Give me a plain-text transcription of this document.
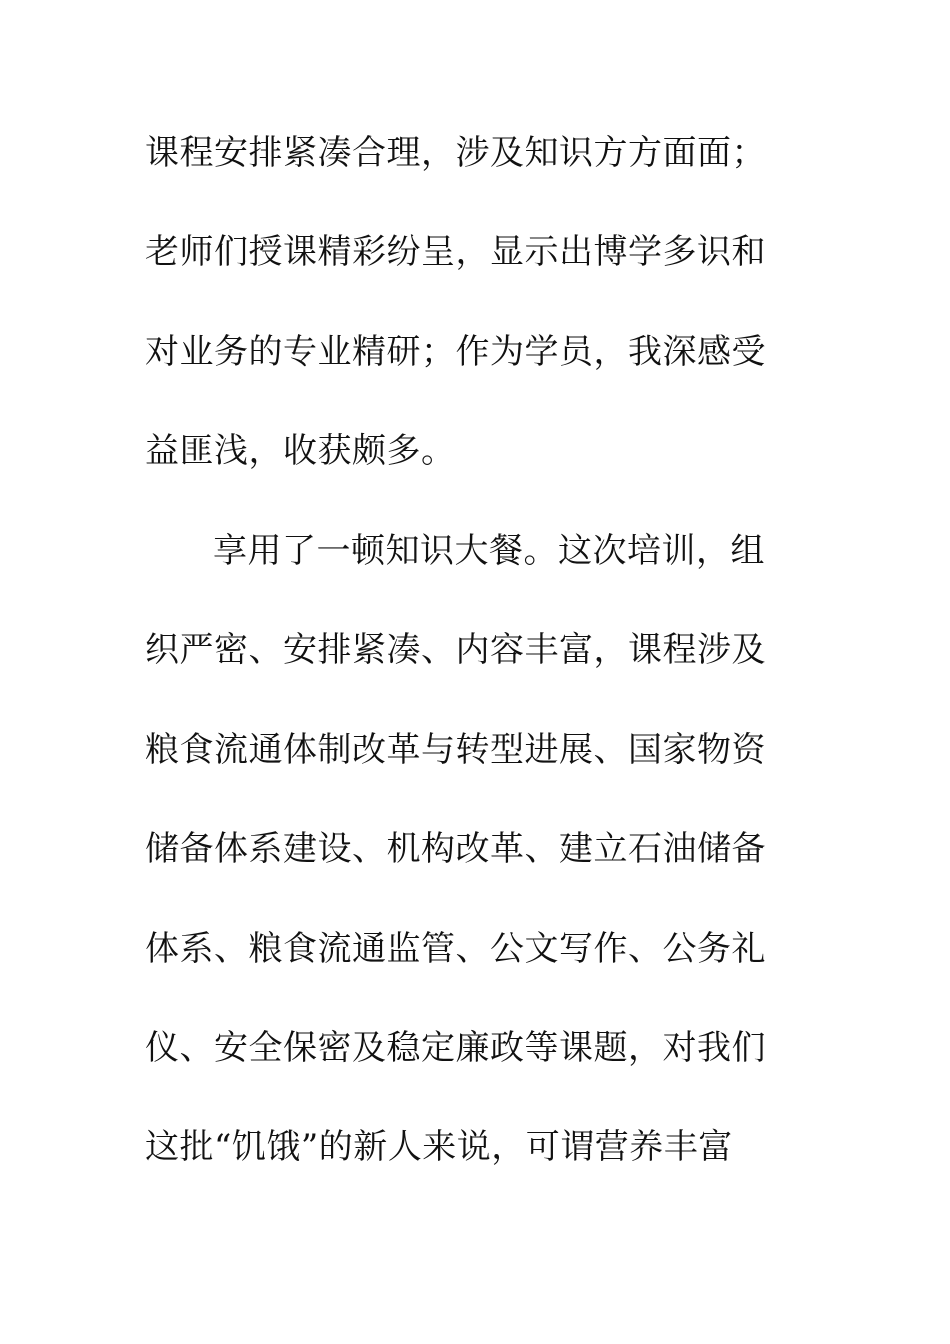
课程安排紧凑合理，涉及知识方方面面；
老师们授课精彩纷呈，显示出博学多识和
对业务的专业精研；作为学员，我深感受
益匪浅，收获颇多。
享用了一顿知识大餐。这次培训，组
织严密、安排紧凑、内容丰富，课程涉及
粮食流通体制改革与转型进展、国家物资
储备体系建设、机构改革、建立石油储备
体系、粮食流通监管、公文写作、公务礼
仪、安全保密及稳定廉政等课题，对我们
这批“饥饿”的新人来说，可谓营养丰富
